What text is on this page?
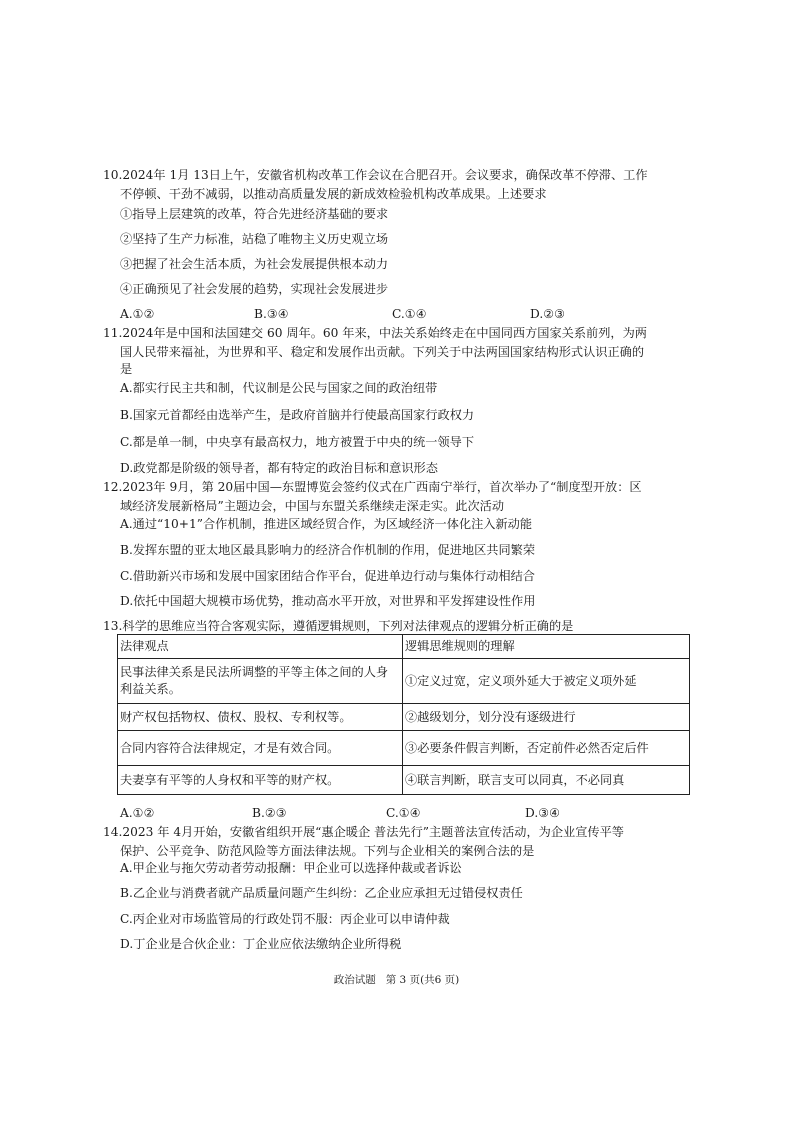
10.2024年 1月 13日上午，安徽省机构改革工作会议在合肥召开。会议要求，确保改革不停滞、工作
不停顿、干劲不减弱，以推动高质量发展的新成效检验机构改革成果。上述要求
①指导上层建筑的改革，符合先进经济基础的要求
②坚持了生产力标准，站稳了唯物主义历史观立场
③把握了社会生活本质，为社会发展提供根本动力
④正确预见了社会发展的趋势，实现社会发展进步
A.①②	B.③④	C.①④	D.②③
11.2024年是中国和法国建交 60 周年。60 年来，中法关系始终走在中国同西方国家关系前列，为两
国人民带来福祉，为世界和平、稳定和发展作出贡献。下列关于中法两国国家结构形式认识正确的
是
A.都实行民主共和制，代议制是公民与国家之间的政治纽带
B.国家元首都经由选举产生，是政府首脑并行使最高国家行政权力
C.都是单一制，中央享有最高权力，地方被置于中央的统一领导下
D.政党都是阶级的领导者，都有特定的政治目标和意识形态
12.2023年 9月，第 20届中国—东盟博览会签约仪式在广西南宁举行，首次举办了“制度型开放：区
域经济发展新格局”主题边会，中国与东盟关系继续走深走实。此次活动
A.通过“10+1”合作机制，推进区域经贸合作，为区域经济一体化注入新动能
B.发挥东盟的亚太地区最具影响力的经济合作机制的作用，促进地区共同繁荣
C.借助新兴市场和发展中国家团结合作平台，促进单边行动与集体行动相结合
D.依托中国超大规模市场优势，推动高水平开放，对世界和平发挥建设性作用
13.科学的思维应当符合客观实际，遵循逻辑规则，下列对法律观点的逻辑分析正确的是
法律观点	逻辑思维规则的理解
民事法律关系是民法所调整的平等主体之间的人身利益关系。	①定义过宽，定义项外延大于被定义项外延
财产权包括物权、债权、股权、专利权等。	②越级划分，划分没有逐级进行
合同内容符合法律规定，才是有效合同。	③必要条件假言判断，否定前件必然否定后件
夫妻享有平等的人身权和平等的财产权。	④联言判断，联言支可以同真，不必同真
A.①②	B.②③	C.①④	D.③④
14.2023 年 4月开始，安徽省组织开展“惠企暖企 普法先行”主题普法宣传活动，为企业宣传平等
保护、公平竞争、防范风险等方面法律法规。下列与企业相关的案例合法的是
A.甲企业与拖欠劳动者劳动报酬：甲企业可以选择仲裁或者诉讼
B.乙企业与消费者就产品质量问题产生纠纷：乙企业应承担无过错侵权责任
C.丙企业对市场监管局的行政处罚不服：丙企业可以申请仲裁
D.丁企业是合伙企业：丁企业应依法缴纳企业所得税
政治试题   第 3 页(共6 页)
